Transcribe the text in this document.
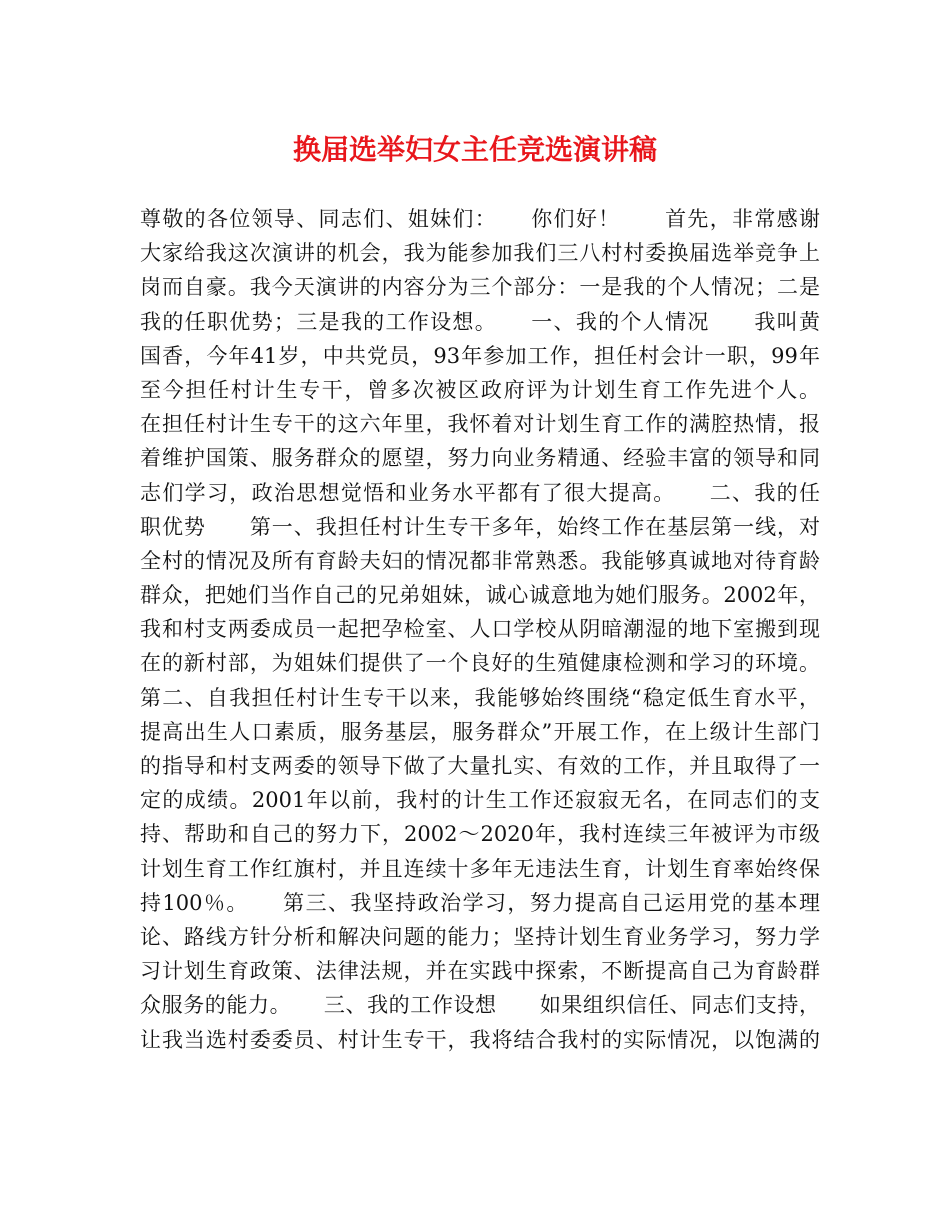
换届选举妇女主任竞选演讲稿
尊敬的各位领导、同志们、姐妹们：　　你们好！　　首先，非常感谢
大家给我这次演讲的机会，我为能参加我们三八村村委换届选举竞争上
岗而自豪。我今天演讲的内容分为三个部分：一是我的个人情况；二是
我的任职优势；三是我的工作设想。　　一、我的个人情况　　我叫黄
国香，今年41岁，中共党员，93年参加工作，担任村会计一职，99年
至今担任村计生专干，曾多次被区政府评为计划生育工作先进个人。
在担任村计生专干的这六年里，我怀着对计划生育工作的满腔热情，报
着维护国策、服务群众的愿望，努力向业务精通、经验丰富的领导和同
志们学习，政治思想觉悟和业务水平都有了很大提高。　　二、我的任
职优势　　第一、我担任村计生专干多年，始终工作在基层第一线，对
全村的情况及所有育龄夫妇的情况都非常熟悉。我能够真诚地对待育龄
群众，把她们当作自己的兄弟姐妹，诚心诚意地为她们服务。2002年，
我和村支两委成员一起把孕检室、人口学校从阴暗潮湿的地下室搬到现
在的新村部，为姐妹们提供了一个良好的生殖健康检测和学习的环境。
第二、自我担任村计生专干以来，我能够始终围绕“稳定低生育水平，
提高出生人口素质，服务基层，服务群众”开展工作，在上级计生部门
的指导和村支两委的领导下做了大量扎实、有效的工作，并且取得了一
定的成绩。2001年以前，我村的计生工作还寂寂无名，在同志们的支
持、帮助和自己的努力下，2002～2020年，我村连续三年被评为市级
计划生育工作红旗村，并且连续十多年无违法生育，计划生育率始终保
持100％。　　第三、我坚持政治学习，努力提高自己运用党的基本理
论、路线方针分析和解决问题的能力；坚持计划生育业务学习，努力学
习计划生育政策、法律法规，并在实践中探索，不断提高自己为育龄群
众服务的能力。　　三、我的工作设想　　如果组织信任、同志们支持，
让我当选村委委员、村计生专干，我将结合我村的实际情况，以饱满的
